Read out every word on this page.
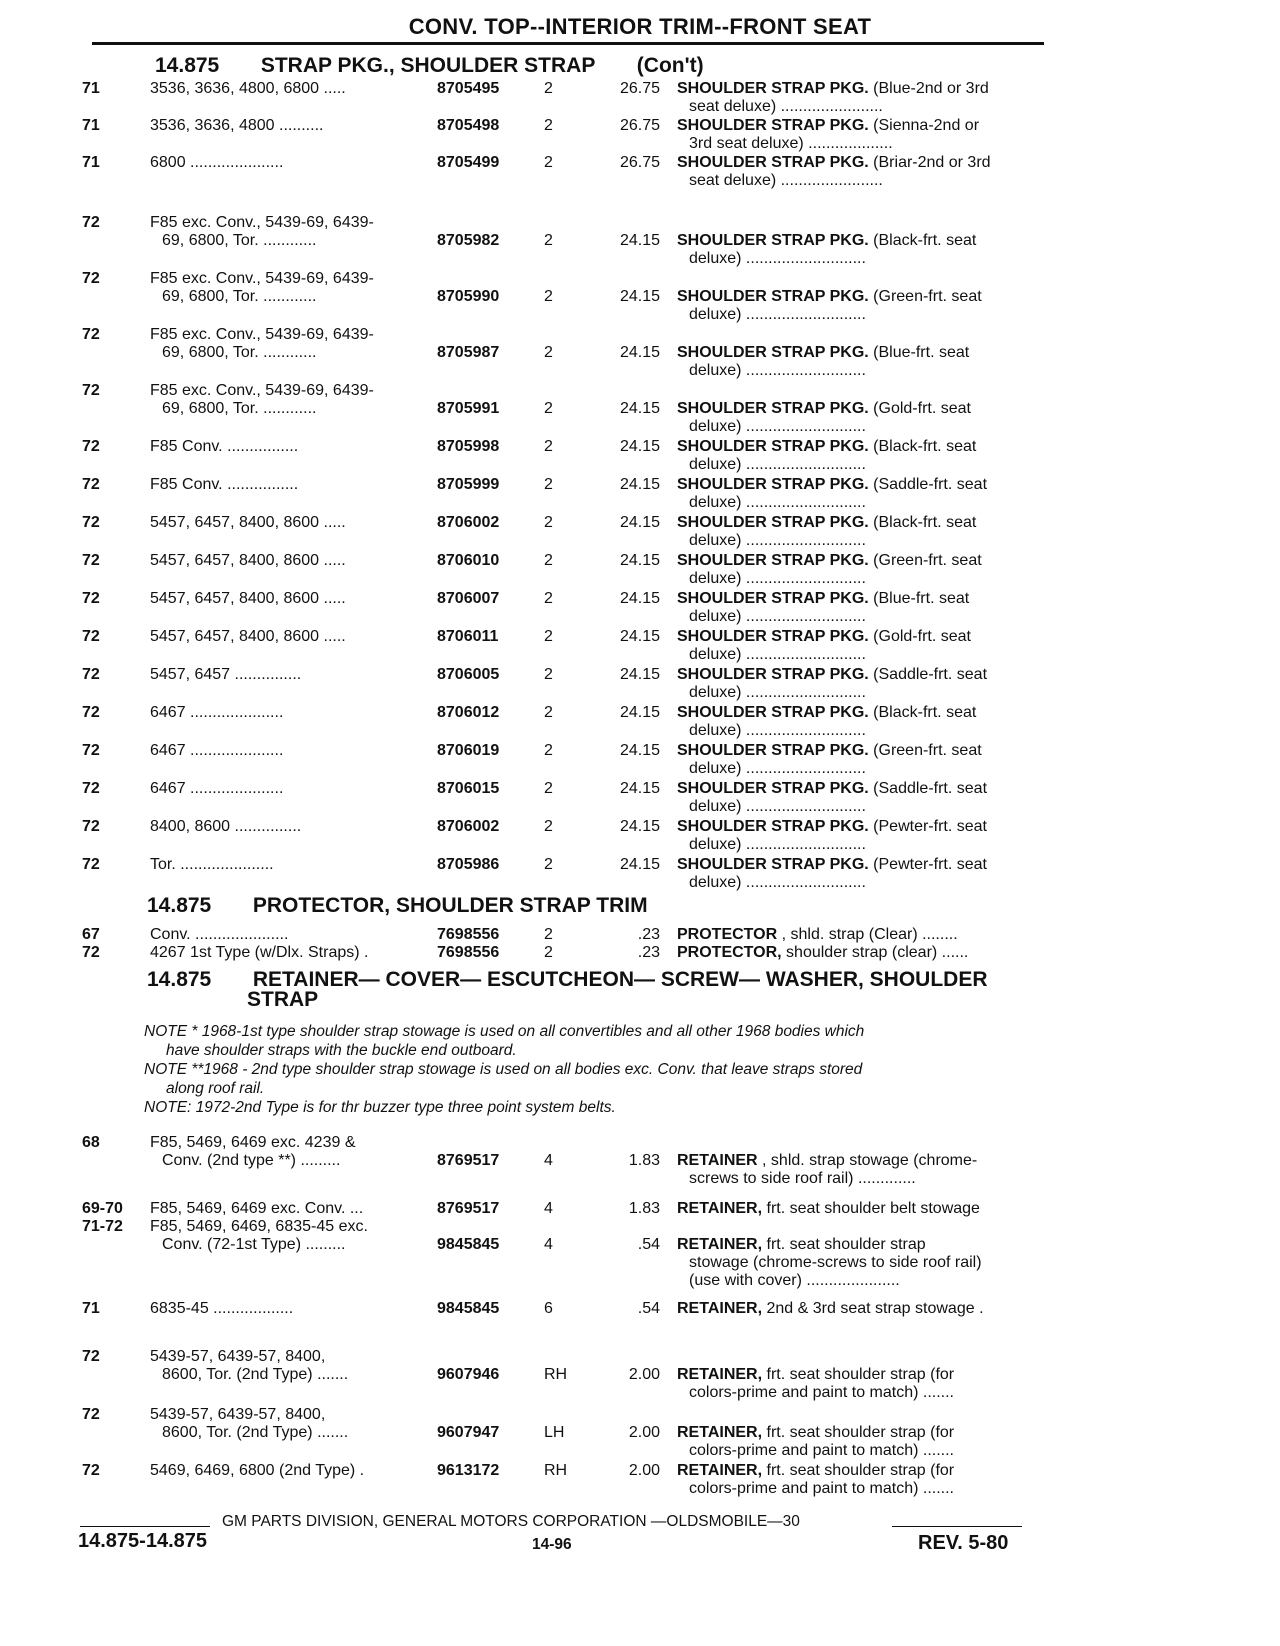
CONV. TOP--INTERIOR TRIM--FRONT SEAT
14.875 STRAP PKG., SHOULDER STRAP (Con't)
14.875 PROTECTOR, SHOULDER STRAP TRIM
14.875 RETAINER— COVER— ESCUTCHEON— SCREW— WASHER, SHOULDER
STRAP
NOTE * 1968-1st type shoulder strap stowage is used on all convertibles and all other 1968 bodies which
have shoulder straps with the buckle end outboard.
NOTE **1968 - 2nd type shoulder strap stowage is used on all bodies exc. Conv. that leave straps stored
along roof rail.
NOTE: 1972-2nd Type is for thr buzzer type three point system belts.
71	3536, 3636, 4800, 6800 .....	8705495	2	26.75 SHOULDER STRAP PKG. (Blue-2nd or 3rd
seat deluxe) .......................
71	3536, 3636, 4800 ..........	8705498	2	26.75 SHOULDER STRAP PKG. (Sienna-2nd or
3rd seat deluxe) ...................
71	6800 .....................	8705499	2	26.75 SHOULDER STRAP PKG. (Briar-2nd or 3rd
seat deluxe) .......................
72	F85 exc. Conv., 5439-69, 6439-
69, 6800, Tor. ............	8705982	2	24.15 SHOULDER STRAP PKG. (Black-frt. seat
deluxe) ...........................
72	F85 exc. Conv., 5439-69, 6439-
69, 6800, Tor. ............	8705990	2	24.15 SHOULDER STRAP PKG. (Green-frt. seat
deluxe) ...........................
72	F85 exc. Conv., 5439-69, 6439-
69, 6800, Tor. ............	8705987	2	24.15 SHOULDER STRAP PKG. (Blue-frt. seat
deluxe) ...........................
72	F85 exc. Conv., 5439-69, 6439-
69, 6800, Tor. ............	8705991	2	24.15 SHOULDER STRAP PKG. (Gold-frt. seat
deluxe) ...........................
72	F85 Conv. ................	8705998	2	24.15 SHOULDER STRAP PKG. (Black-frt. seat
deluxe) ...........................
72	F85 Conv. ................	8705999	2	24.15 SHOULDER STRAP PKG. (Saddle-frt. seat
deluxe) ...........................
72	5457, 6457, 8400, 8600 .....	8706002	2	24.15 SHOULDER STRAP PKG. (Black-frt. seat
deluxe) ...........................
72	5457, 6457, 8400, 8600 .....	8706010	2	24.15 SHOULDER STRAP PKG. (Green-frt. seat
deluxe) ...........................
72	5457, 6457, 8400, 8600 .....	8706007	2	24.15 SHOULDER STRAP PKG. (Blue-frt. seat
deluxe) ...........................
72	5457, 6457, 8400, 8600 .....	8706011	2	24.15 SHOULDER STRAP PKG. (Gold-frt. seat
deluxe) ...........................
72	5457, 6457 ...............	8706005	2	24.15 SHOULDER STRAP PKG. (Saddle-frt. seat
deluxe) ...........................
72	6467 .....................	8706012	2	24.15 SHOULDER STRAP PKG. (Black-frt. seat
deluxe) ...........................
72	6467 .....................	8706019	2	24.15 SHOULDER STRAP PKG. (Green-frt. seat
deluxe) ...........................
72	6467 .....................	8706015	2	24.15 SHOULDER STRAP PKG. (Saddle-frt. seat
deluxe) ...........................
72	8400, 8600 ...............	8706002	2	24.15 SHOULDER STRAP PKG. (Pewter-frt. seat
deluxe) ...........................
72	Tor. .....................	8705986	2	24.15 SHOULDER STRAP PKG. (Pewter-frt. seat
deluxe) ...........................
67	Conv. .....................	7698556	2	.23 PROTECTOR , shld. strap (Clear) ........
72	4267 1st Type (w/Dlx. Straps) .	7698556	2	.23 PROTECTOR, shoulder strap (clear) ......
68	F85, 5469, 6469 exc. 4239 &
Conv. (2nd type **) .........	8769517	4	1.83 RETAINER , shld. strap stowage (chrome-
screws to side roof rail) .............
69-70	F85, 5469, 6469 exc. Conv. ...	8769517	4	1.83 RETAINER, frt. seat shoulder belt stowage
71-72	F85, 5469, 6469, 6835-45 exc.
Conv. (72-1st Type) .........	9845845	4	.54 RETAINER, frt. seat shoulder strap
stowage (chrome-screws to side roof rail)
(use with cover) .....................
71	6835-45 ..................	9845845	6	.54 RETAINER, 2nd & 3rd seat strap stowage .
72	5439-57, 6439-57, 8400,
8600, Tor. (2nd Type) .......	9607946	RH	2.00 RETAINER, frt. seat shoulder strap (for
colors-prime and paint to match) .......
72	5439-57, 6439-57, 8400,
8600, Tor. (2nd Type) .......	9607947	LH	2.00 RETAINER, frt. seat shoulder strap (for
colors-prime and paint to match) .......
72	5469, 6469, 6800 (2nd Type) .	9613172	RH	2.00 RETAINER, frt. seat shoulder strap (for
colors-prime and paint to match) .......
GM PARTS DIVISION, GENERAL MOTORS CORPORATION —OLDSMOBILE—30
14.875-14.875	14-96	REV. 5-80
